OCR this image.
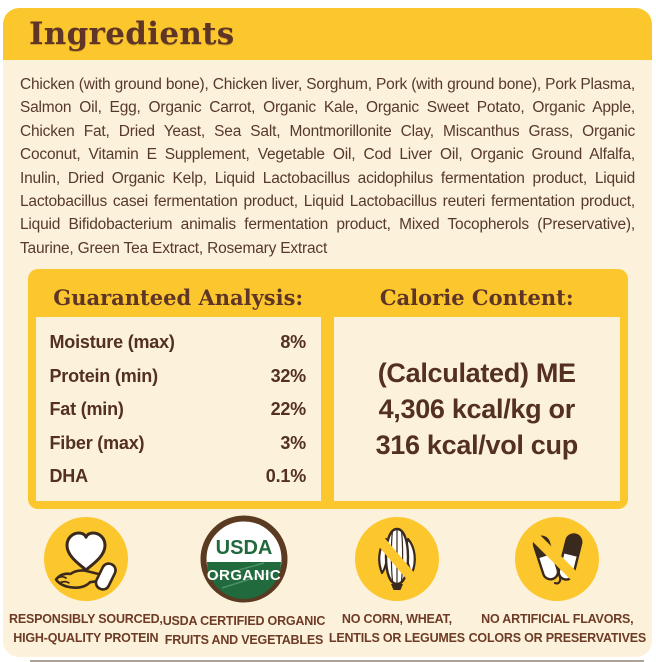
Ingredients
Chicken (with ground bone), Chicken liver, Sorghum, Pork (with ground bone), Pork Plasma, Salmon Oil, Egg, Organic Carrot, Organic Kale, Organic Sweet Potato, Organic Apple, Chicken Fat, Dried Yeast, Sea Salt, Montmorillonite Clay, Miscanthus Grass, Organic Coconut, Vitamin E Supplement, Vegetable Oil, Cod Liver Oil, Organic Ground Alfalfa, Inulin, Dried Organic Kelp, Liquid Lactobacillus acidophilus fermentation product, Liquid Lactobacillus casei fermentation product, Liquid Lactobacillus reuteri fermentation product, Liquid Bifidobacterium animalis fermentation product, Mixed Tocopherols (Preservative), Taurine, Green Tea Extract, Rosemary Extract
Guaranteed Analysis:	Calorie Content:
Moisture (max)	8%
Protein (min)	32%
Fat (min)	22%
Fiber (max)	3%
DHA	0.1%
(Calculated) ME
4,306 kcal/kg or
316 kcal/vol cup
RESPONSIBLY SOURCED,
HIGH-QUALITY PROTEIN
USDA
ORGANIC
USDA CERTIFIED ORGANIC
FRUITS AND VEGETABLES
NO CORN, WHEAT,
LENTILS OR LEGUMES
NO ARTIFICIAL FLAVORS,
COLORS OR PRESERVATIVES
